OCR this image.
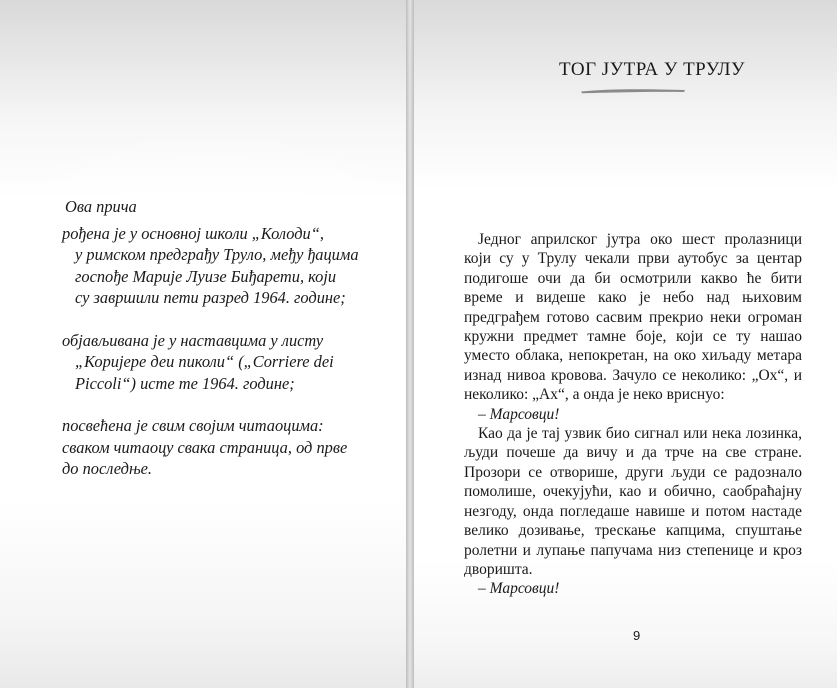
Ова прича

рођена је у основној школи „Колоди“,
у римском предграђу Труло, међу ђацима
госпође Марије Луизе Биђарети, који
су завршили пети разред 1964. године;

објављивана је у наставцима у листу
„Коријере деи пиколи“ („Corriere dei
Piccoli“) исте те 1964. године;

посвећена је свим својим читаоцима:
сваком читаоцу свака страница, од прве
до последње.

ТОГ ЈУТРА У ТРУЛУ

Једног априлског јутра око шест пролазници који су у Трулу чекали први аутобус за центар подигоше очи да би осмотрили какво ће бити време и видеше како је небо над њиховим предграђем готово сасвим прекрио неки огроман кружни предмет тамне боје, који се ту нашао уместо облака, непокретан, на око хиљаду метара изнад нивоа кровова. Зачуло се неколико: „Ох“, и неколико: „Ах“, а онда је неко вриснуо:

– Марсовци!

Као да је тај узвик био сигнал или нека лозинка, људи почеше да вичу и да трче на све стране. Прозори се отворише, други људи се радознало помолише, очекујући, као и обично, саобраћајну незгоду, онда погледаше навише и потом настаде велико дозивање, трескање капцима, спуштање ролетни и лупање папучама низ степенице и кроз дворишта.

– Марсовци!

9
